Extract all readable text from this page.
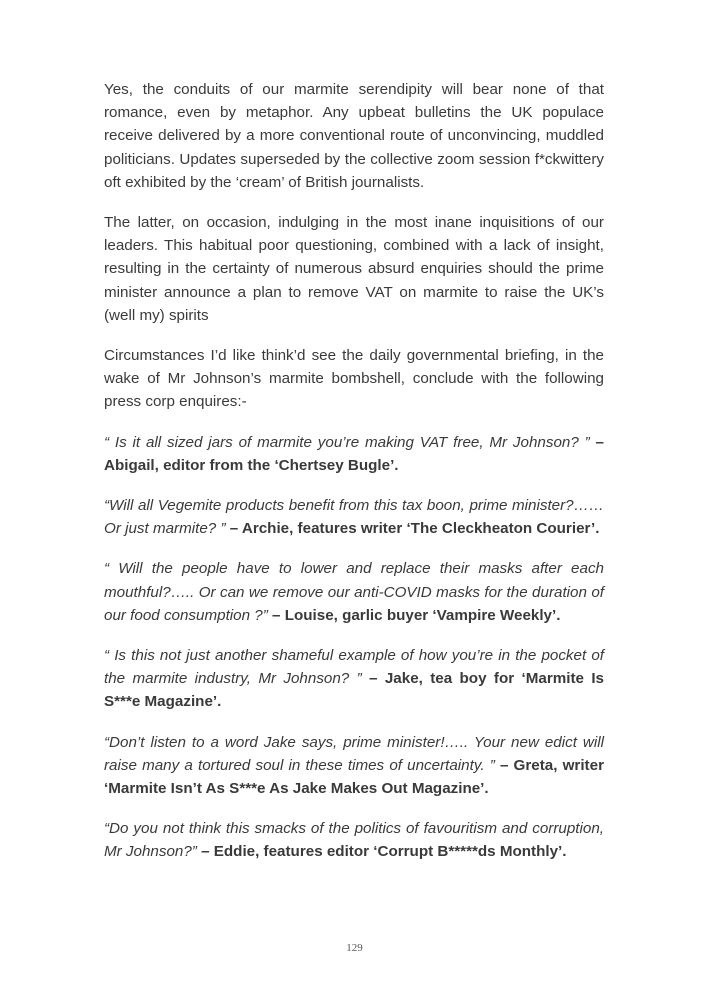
Yes, the conduits of our marmite serendipity will bear none of that romance, even by metaphor. Any upbeat bulletins the UK populace receive delivered by a more conventional route of unconvincing, muddled politicians. Updates superseded by the collective zoom session f*ckwittery oft exhibited by the ‘cream’ of British journalists.

The latter, on occasion, indulging in the most inane inquisitions of our leaders. This habitual poor questioning, combined with a lack of insight, resulting in the certainty of numerous absurd enquiries should the prime minister announce a plan to remove VAT on marmite to raise the UK’s (well my) spirits

Circumstances I’d like think’d see the daily governmental briefing, in the wake of Mr Johnson’s marmite bombshell, conclude with the following press corp enquires:-

“ Is it all sized jars of marmite you’re making VAT free, Mr Johnson? ” – Abigail, editor from the ‘Chertsey Bugle’.

“Will all Vegemite products benefit from this tax boon, prime minister?…… Or just marmite? ” – Archie, features writer ‘The Cleckheaton Courier’.

“ Will the people have to lower and replace their masks after each mouthful?….. Or can we remove our anti-COVID masks for the duration of our food consumption ?” – Louise, garlic buyer ‘Vampire Weekly’.

“ Is this not just another shameful example of how you’re in the pocket of the marmite industry, Mr Johnson? ” – Jake, tea boy for ‘Marmite Is S***e Magazine’.

“Don’t listen to a word Jake says, prime minister!….. Your new edict will raise many a tortured soul in these times of uncertainty. ” – Greta, writer ‘Marmite Isn’t As S***e As Jake Makes Out Magazine’.

“Do you not think this smacks of the politics of favouritism and corruption, Mr Johnson?” – Eddie, features editor ‘Corrupt B*****ds Monthly’.

129
